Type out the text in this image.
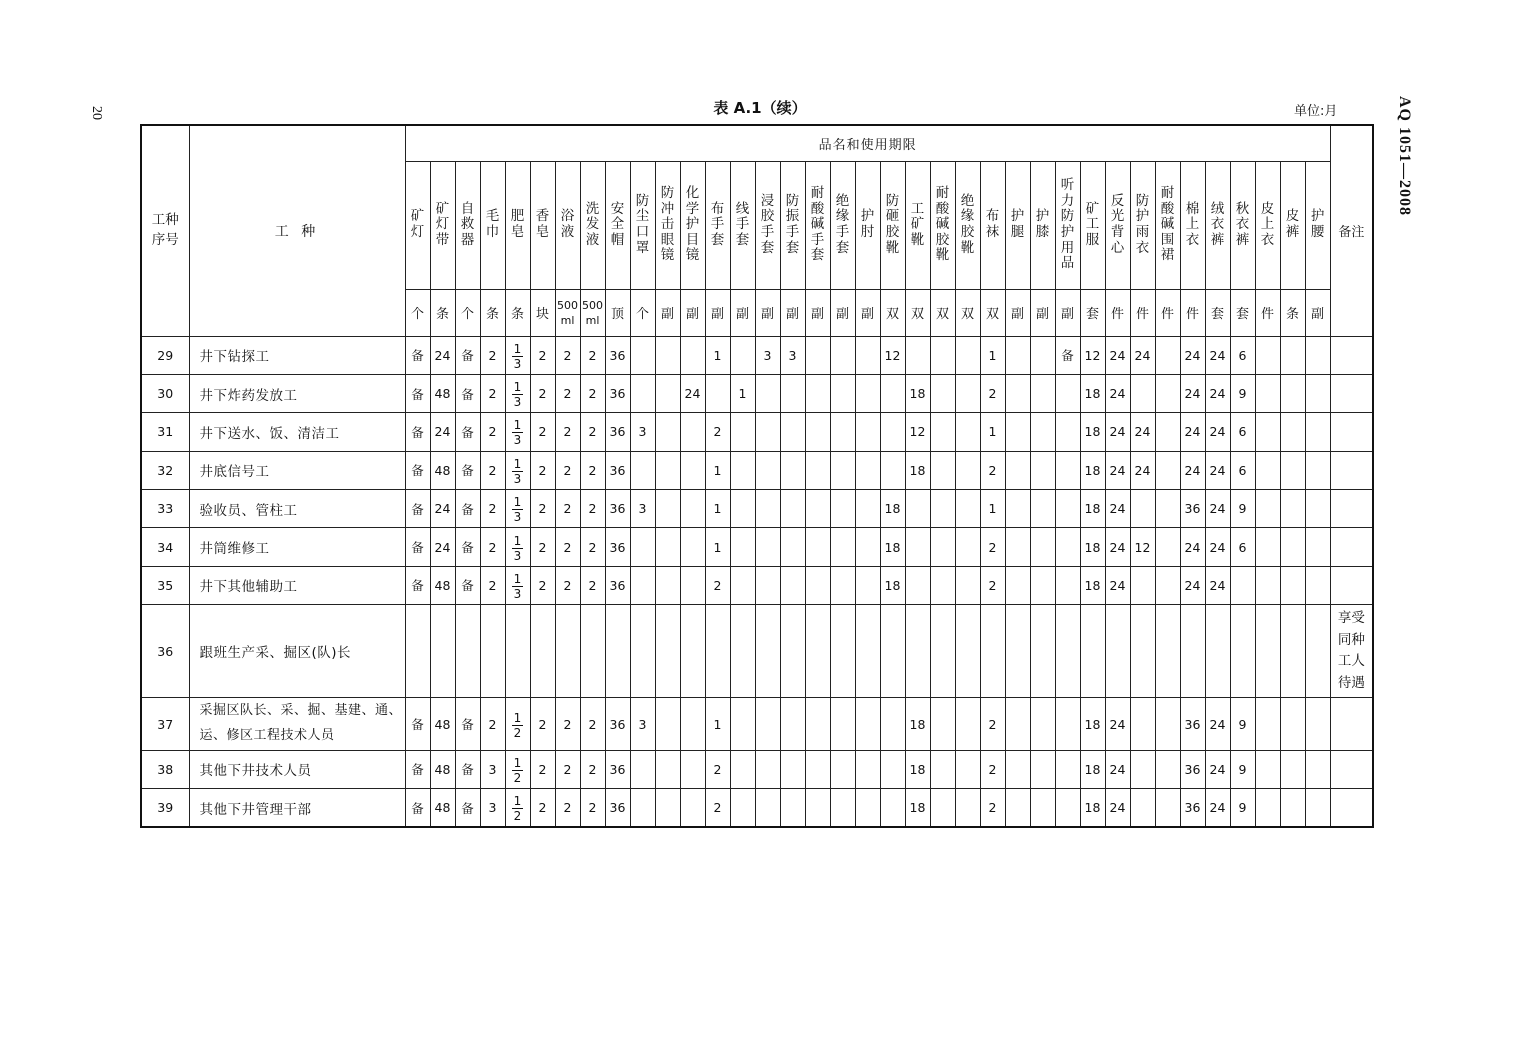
20	AQ 1051—2008
表 A.1（续）	单位:月
工种序号	工 种	品名和使用期限																																					备注
		矿灯	矿灯带	自救器	毛巾	肥皂	香皂	浴液	洗发液	安全帽	防尘口罩	防冲击眼镜	化学护目镜	布手套	线手套	浸胶手套	防振手套	耐酸碱手套	绝缘手套	护肘	防砸胶靴	工矿靴	耐酸碱胶靴	绝缘胶靴	布袜	护腿	护膝	听力防护用品	矿工服	反光背心	防护雨衣	耐酸碱围裙	棉上衣	绒衣裤	秋衣裤	皮上衣	皮裤	护腰	
		个	条	个	条	条	块	500 ml	500 ml	顶	个	副	副	副	副	副	副	副	副	副	双	双	双	双	双	副	副	副	套	件	件	件	件	套	套	件	条	副	
29	井下钻探工	备	24	备	2	$\frac{1}{3}$	2	2	2	36				1		3	3				12				1			备	12	24	24		24	24	6				
30	井下炸药发放工	备	48	备	2	$\frac{1}{3}$	2	2	2	36			24		1							18			2				18	24			24	24	9				
31	井下送水、饭、清洁工	备	24	备	2	$\frac{1}{3}$	2	2	2	36	3			2								12			1				18	24	24		24	24	6				
32	井底信号工	备	48	备	2	$\frac{1}{3}$	2	2	2	36				1								18			2				18	24	24		24	24	6				
33	验收员、管柱工	备	24	备	2	$\frac{1}{3}$	2	2	2	36	3			1							18				1				18	24			36	24	9				
34	井筒维修工	备	24	备	2	$\frac{1}{3}$	2	2	2	36				1							18				2				18	24	12		24	24	6				
35	井下其他辅助工	备	48	备	2	$\frac{1}{3}$	2	2	2	36				2							18				2				18	24			24	24					
36	跟班生产采、掘区(队)长																																						享受同种工人待遇
37	采掘区队长、采、掘、基建、通、运、修区工程技术人员	备	48	备	2	$\frac{1}{2}$	2	2	2	36	3			1								18			2				18	24			36	24	9				
38	其他下井技术人员	备	48	备	3	$\frac{1}{2}$	2	2	2	36				2								18			2				18	24			36	24	9				
39	其他下井管理干部	备	48	备	3	$\frac{1}{2}$	2	2	2	36				2								18			2				18	24			36	24	9				
